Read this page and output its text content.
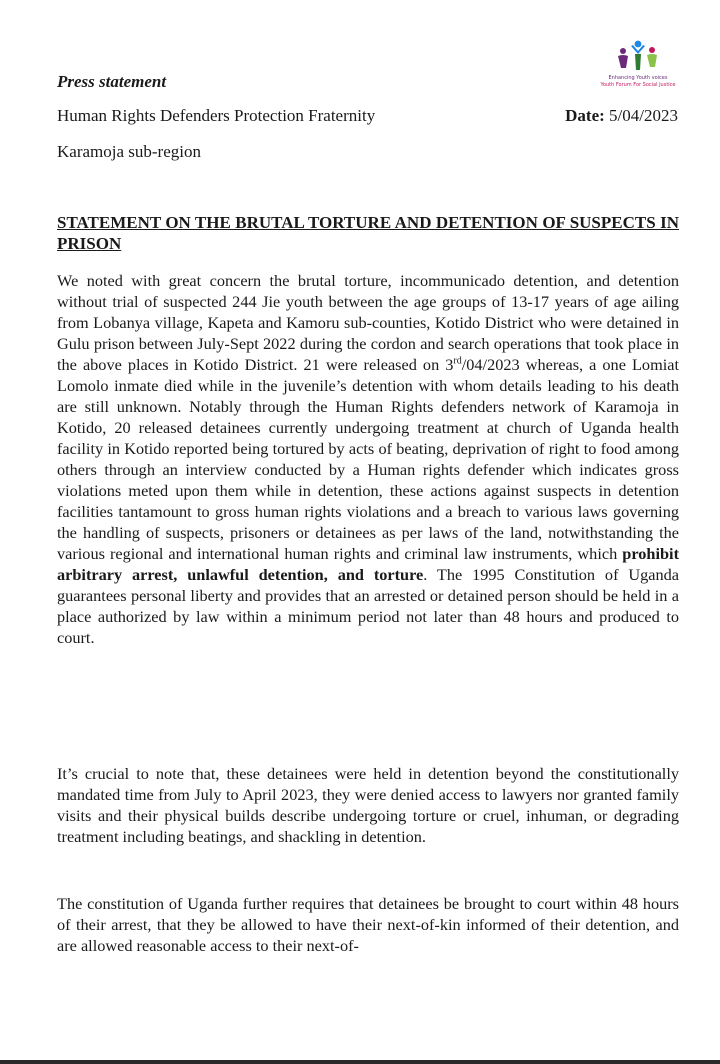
Enhancing Youth voices
Youth Forum For Social Justice
Press statement
Human Rights Defenders Protection Fraternity
Karamoja sub-region
Date: 5/04/2023
STATEMENT ON THE BRUTAL TORTURE AND DETENTION OF SUSPECTS IN PRISON

We noted with great concern the brutal torture, incommunicado detention, and detention without trial of suspected 244 Jie youth between the age groups of 13-17 years of age ailing from Lobanya village, Kapeta and Kamoru sub-counties, Kotido District who were detained in Gulu prison between July-Sept 2022 during the cordon and search operations that took place in the above places in Kotido District. 21 were released on 3rd/04/2023 whereas, a one Lomiat Lomolo inmate died while in the juvenile’s detention with whom details leading to his death are still unknown. Notably through the Human Rights defenders network of Karamoja in Kotido, 20 released detainees currently undergoing treatment at church of Uganda health facility in Kotido reported being tortured by acts of beating, deprivation of right to food among others through an interview conducted by a Human rights defender which indicates gross violations meted upon them while in detention, these actions against suspects in detention facilities tantamount to gross human rights violations and a breach to various laws governing the handling of suspects, prisoners or detainees as per laws of the land, notwithstanding the various regional and international human rights and criminal law instruments, which prohibit arbitrary arrest, unlawful detention, and torture. The 1995 Constitution of Uganda guarantees personal liberty and provides that an arrested or detained person should be held in a place authorized by law within a minimum period not later than 48 hours and produced to court.

It’s crucial to note that, these detainees were held in detention beyond the constitutionally mandated time from July to April 2023, they were denied access to lawyers nor granted family visits and their physical builds describe undergoing torture or cruel, inhuman, or degrading treatment including beatings, and shackling in detention.

The constitution of Uganda further requires that detainees be brought to court within 48 hours of their arrest, that they be allowed to have their next-of-kin informed of their detention, and are allowed reasonable access to their next-of-
